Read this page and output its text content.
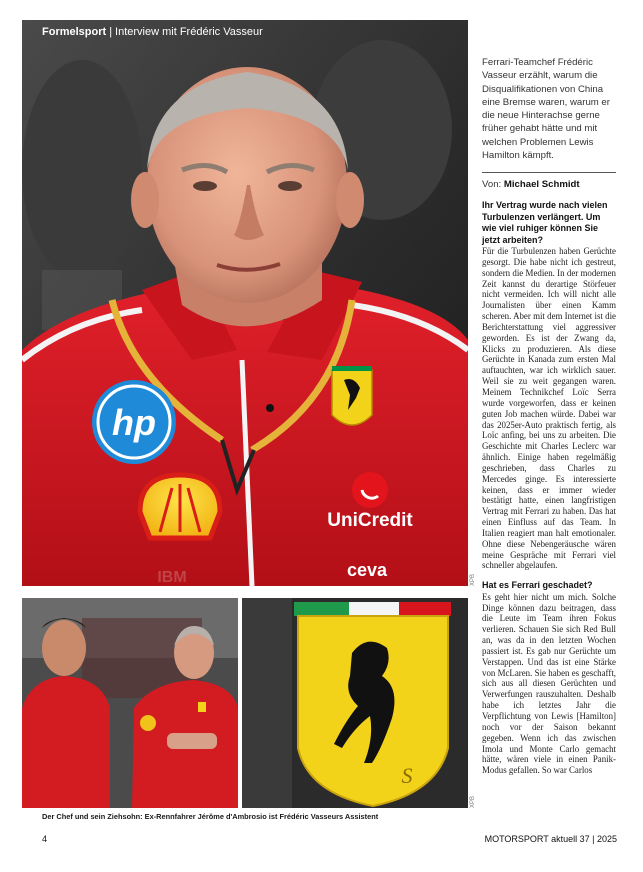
hp
UniCredit
ceva
IBM
Formelsport | Interview mit Frédéric Vasseur
XPB
S
XPB
Der Chef und sein Ziehsohn: Ex-Rennfahrer Jérôme d'Ambrosio ist Frédéric Vasseurs Assistent

Ferrari-Teamchef Frédéric Vasseur erzählt, warum die Disqualifikationen von China eine Bremse waren, warum er die neue Hinterachse gerne früher gehabt hätte und mit welchen Problemen Lewis Hamilton kämpft.

Von: Michael Schmidt

Ihr Vertrag wurde nach vielen Turbulenzen verlängert. Um wie viel ruhiger können Sie jetzt arbeiten?

Für die Turbulenzen haben Gerüchte gesorgt. Die habe nicht ich gestreut, sondern die Medien. In der modernen Zeit kannst du derartige Störfeuer nicht vermeiden. Ich will nicht alle Journalisten über einen Kamm scheren. Aber mit dem Internet ist die Berichterstattung viel aggressiver geworden. Es ist der Zwang da, Klicks zu produzieren. Als diese Gerüchte in Kanada zum ersten Mal auftauchten, war ich wirklich sauer. Weil sie zu weit gegangen waren. Meinem Technikchef Loïc Serra wurde vorgeworfen, dass er keinen guten Job machen würde. Dabei war das 2025er-Auto praktisch fertig, als Loïc anfing, bei uns zu arbeiten. Die Geschichte mit Charles Leclerc war ähnlich. Einige haben regelmäßig geschrieben, dass Charles zu Mercedes ginge. Es interessierte keinen, dass er immer wieder bestätigt hatte, einen langfristigen Vertrag mit Ferrari zu haben. Das hat einen Einfluss auf das Team. In Italien reagiert man halt emotionaler. Ohne diese Nebengeräusche wären meine Gespräche mit Ferrari viel schneller abgelaufen.

Hat es Ferrari geschadet?

Es geht hier nicht um mich. Solche Dinge können dazu beitragen, dass die Leute im Team ihren Fokus verlieren. Schauen Sie sich Red Bull an, was da in den letzten Wochen passiert ist. Es gab nur Gerüchte um Verstappen. Und das ist eine Stärke von McLaren. Sie haben es geschafft, sich aus all diesen Gerüchten und Verwerfungen rauszuhalten. Deshalb habe ich letztes Jahr die Verpflichtung von Lewis [Hamilton] noch vor der Saison bekannt gegeben. Wenn ich das zwischen Imola und Monte Carlo gemacht hätte, wären viele in einen Panik-Modus gefallen. So war Carlos

4	MOTORSPORT aktuell 37 | 2025
